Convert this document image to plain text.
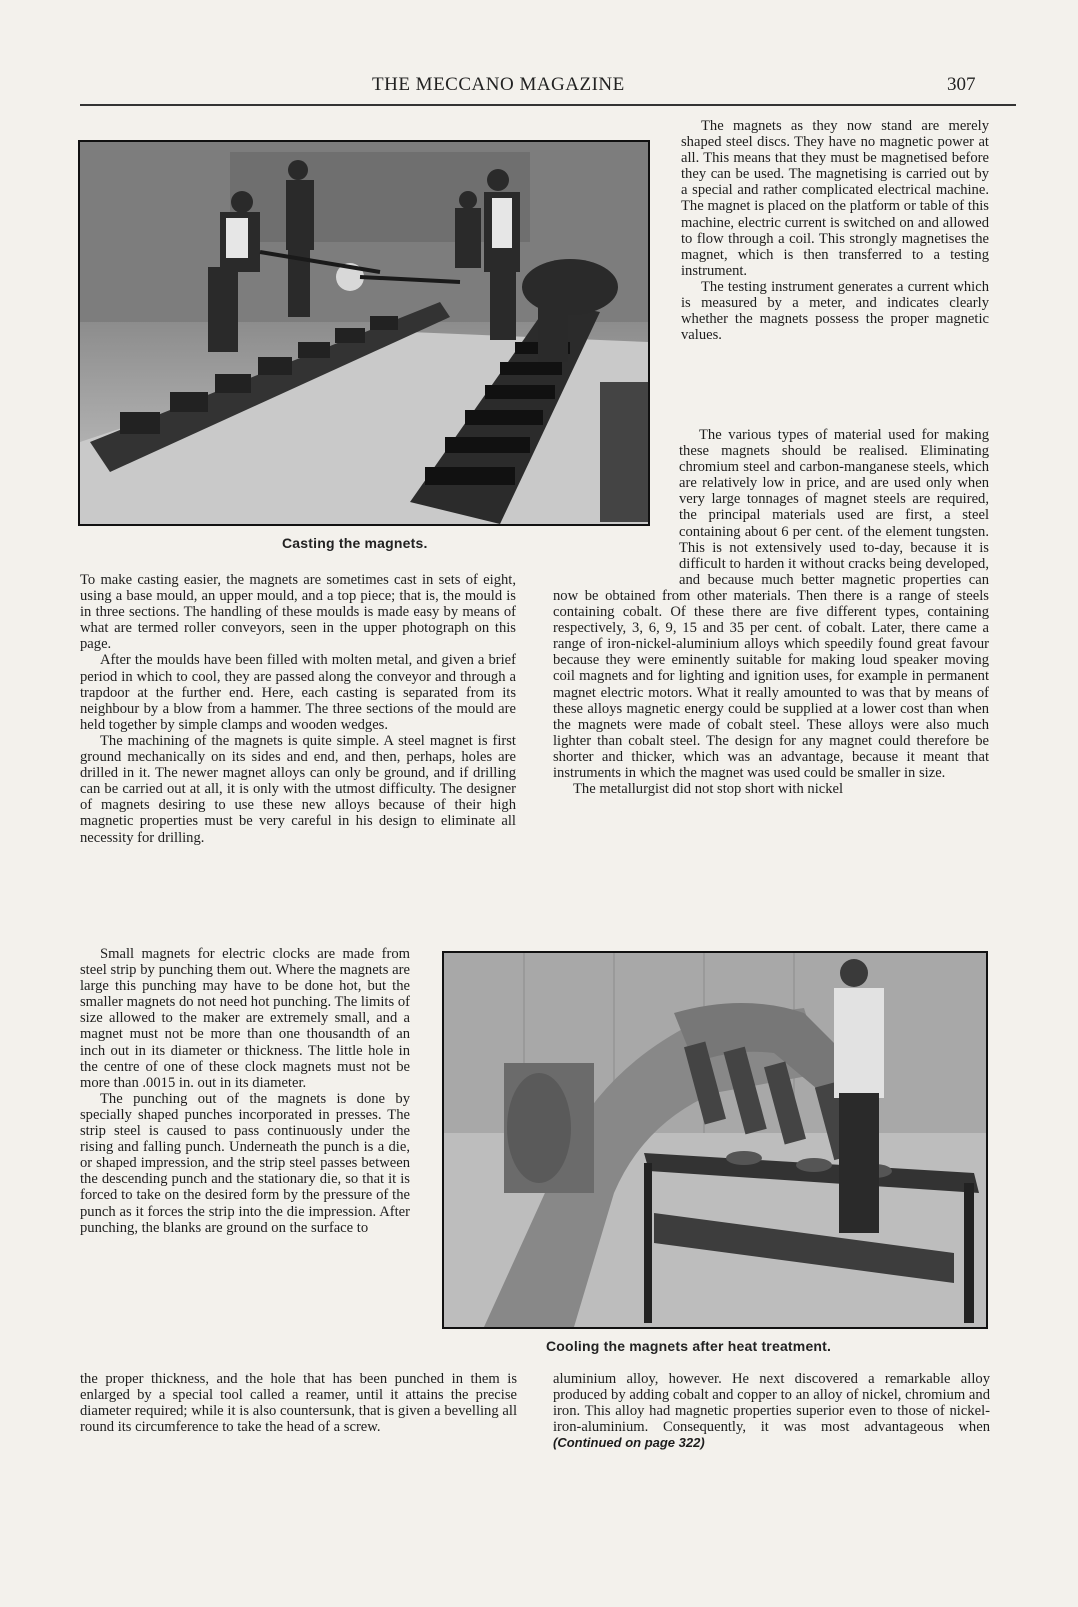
THE MECCANO MAGAZINE	307
Casting the magnets.

The magnets as they now stand are merely shaped steel discs. They have no magnetic power at all. This means that they must be magnetised before they can be used. The magnetising is carried out by a special and rather complicated electrical machine. The magnet is placed on the platform or table of this machine, electric current is switched on and allowed to flow through a coil. This strongly magnetises the magnet, which is then transferred to a testing instrument.

The testing instrument generates a current which is measured by a meter, and indicates clearly whether the magnets possess the proper magnetic values.

The various types of material used for making these magnets should be realised. Eliminating chromium steel and carbon-manganese steels, which are relatively low in price, and are used only when very large tonnages of magnet steels are required, the principal materials used are first, a steel containing about 6 per cent. of the element tungsten. This is not extensively used to-day, because it is difficult to harden it without cracks being developed, and because much better magnetic properties can now be obtained from other materials. Then there is a range of steels containing cobalt. Of these there are five different types, containing respectively, 3, 6, 9, 15 and 35 per cent. of cobalt. Later, there came a range of iron-nickel-aluminium alloys which speedily found great favour because they were eminently suitable for making loud speaker moving coil magnets and for lighting and ignition uses, for example in permanent magnet electric motors. What it really amounted to was that by means of these alloys magnetic energy could be supplied at a lower cost than when the magnets were made of cobalt steel. These alloys were also much lighter than cobalt steel. The design for any magnet could therefore be shorter and thicker, which was an advantage, because it meant that instruments in which the magnet was used could be smaller in size.

The metallurgist did not stop short with nickel

To make casting easier, the magnets are sometimes cast in sets of eight, using a base mould, an upper mould, and a top piece; that is, the mould is in three sections. The handling of these moulds is made easy by means of what are termed roller conveyors, seen in the upper photograph on this page.

After the moulds have been filled with molten metal, and given a brief period in which to cool, they are passed along the conveyor and through a trapdoor at the further end. Here, each casting is separated from its neighbour by a blow from a hammer. The three sections of the mould are held together by simple clamps and wooden wedges.

The machining of the magnets is quite simple. A steel magnet is first ground mechanically on its sides and end, and then, perhaps, holes are drilled in it. The newer magnet alloys can only be ground, and if drilling can be carried out at all, it is only with the utmost difficulty. The designer of magnets desiring to use these new alloys because of their high magnetic properties must be very careful in his design to eliminate all necessity for drilling.

Cooling the magnets after heat treatment.

Small magnets for electric clocks are made from steel strip by punching them out. Where the magnets are large this punching may have to be done hot, but the smaller magnets do not need hot punching. The limits of size allowed to the maker are extremely small, and a magnet must not be more than one thousandth of an inch out in its diameter or thickness. The little hole in the centre of one of these clock magnets must not be more than .0015 in. out in its diameter.

The punching out of the magnets is done by specially shaped punches incorporated in presses. The strip steel is caused to pass continuously under the rising and falling punch. Underneath the punch is a die, or shaped impression, and the strip steel passes between the descending punch and the stationary die, so that it is forced to take on the desired form by the pressure of the punch as it forces the strip into the die impression. After punching, the blanks are ground on the surface to

the proper thickness, and the hole that has been punched in them is enlarged by a special tool called a reamer, until it attains the precise diameter required; while it is also countersunk, that is given a bevelling all round its circumference to take the head of a screw.

aluminium alloy, however. He next discovered a remarkable alloy produced by adding cobalt and copper to an alloy of nickel, chromium and iron. This alloy had magnetic properties superior even to those of nickel-iron-aluminium. Consequently, it was most advantageous when (Continued on page 322)
